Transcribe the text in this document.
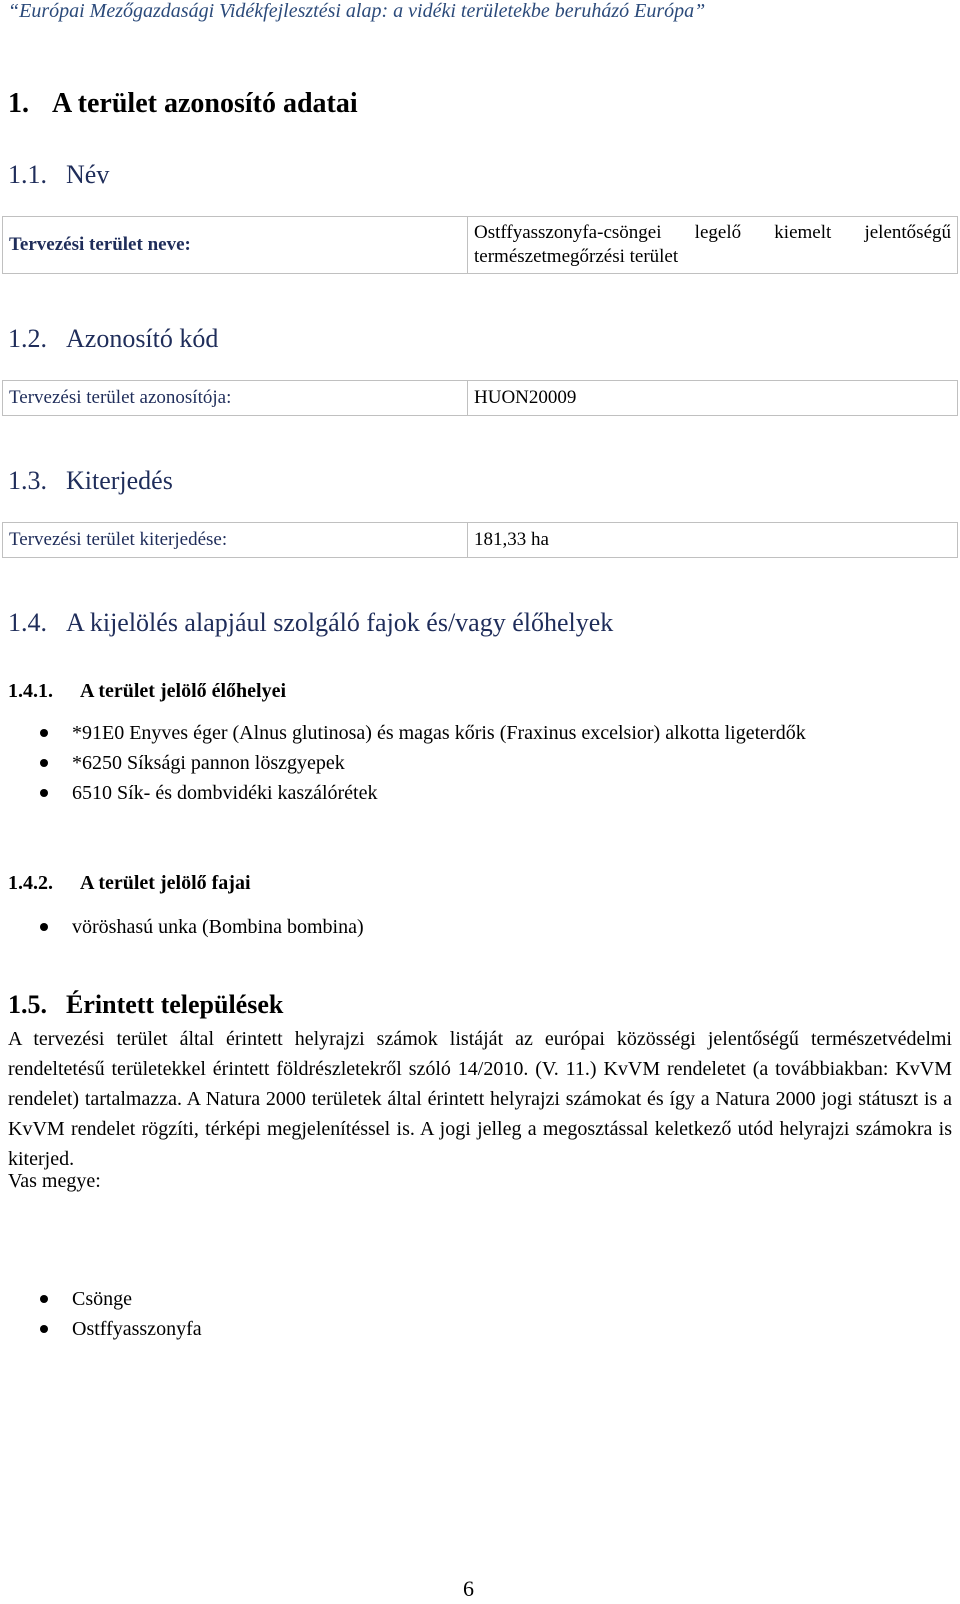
“Európai Mezőgazdasági Vidékfejlesztési alap: a vidéki területekbe beruházó Európa”
1. A terület azonosító adatai
1.1. Név
Tervezési terület neve:	
Ostffyasszonyfa-csöngei legelő kiemelt jelentőségű
természetmegőrzési terület
1.2. Azonosító kód
Tervezési terület azonosítója:	HUON20009
1.3. Kiterjedés
Tervezési terület kiterjedése:	181,33 ha
1.4. A kijelölés alapjául szolgáló fajok és/vagy élőhelyek
1.4.1. A terület jelölő élőhelyei
*91E0 Enyves éger (Alnus glutinosa) és magas kőris (Fraxinus excelsior) alkotta ligeterdők
*6250 Síksági pannon löszgyepek
6510 Sík- és dombvidéki kaszálórétek
1.4.2. A terület jelölő fajai
vöröshasú unka (Bombina bombina)
1.5. Érintett települések

A tervezési terület által érintett helyrajzi számok listáját az európai közösségi jelentőségű természetvédelmi rendeltetésű területekkel érintett földrészletekről szóló 14/2010. (V. 11.) KvVM rendeletet (a továbbiakban: KvVM rendelet) tartalmazza. A Natura 2000 területek által érintett helyrajzi számokat és így a Natura 2000 jogi státuszt is a KvVM rendelet rögzíti, térképi megjelenítéssel is. A jogi jelleg a megosztással keletkező utód helyrajzi számokra is kiterjed.

Vas megye:
Csönge
Ostffyasszonyfa
6
